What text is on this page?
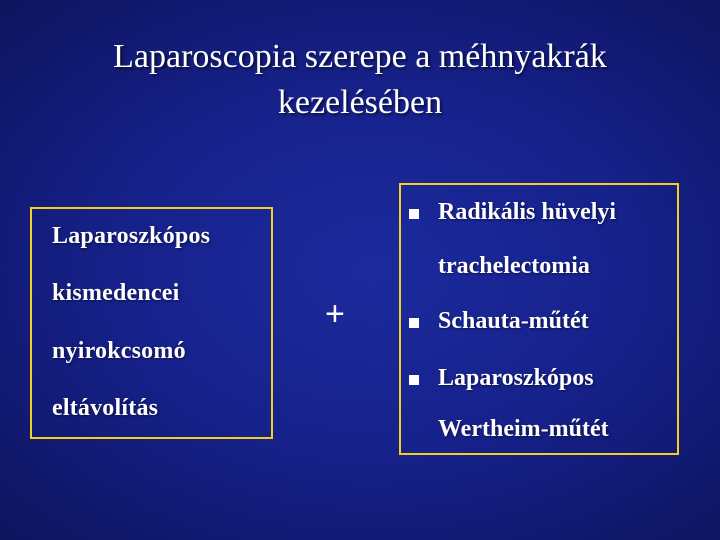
Laparoscopia szerepe a méhnyakrák
kezelésében
Laparoszkópos
kismedencei
nyirokcsomó
eltávolítás
+
Radikális hüvelyi
trachelectomia
Schauta-műtét
Laparoszkópos
Wertheim-műtét
